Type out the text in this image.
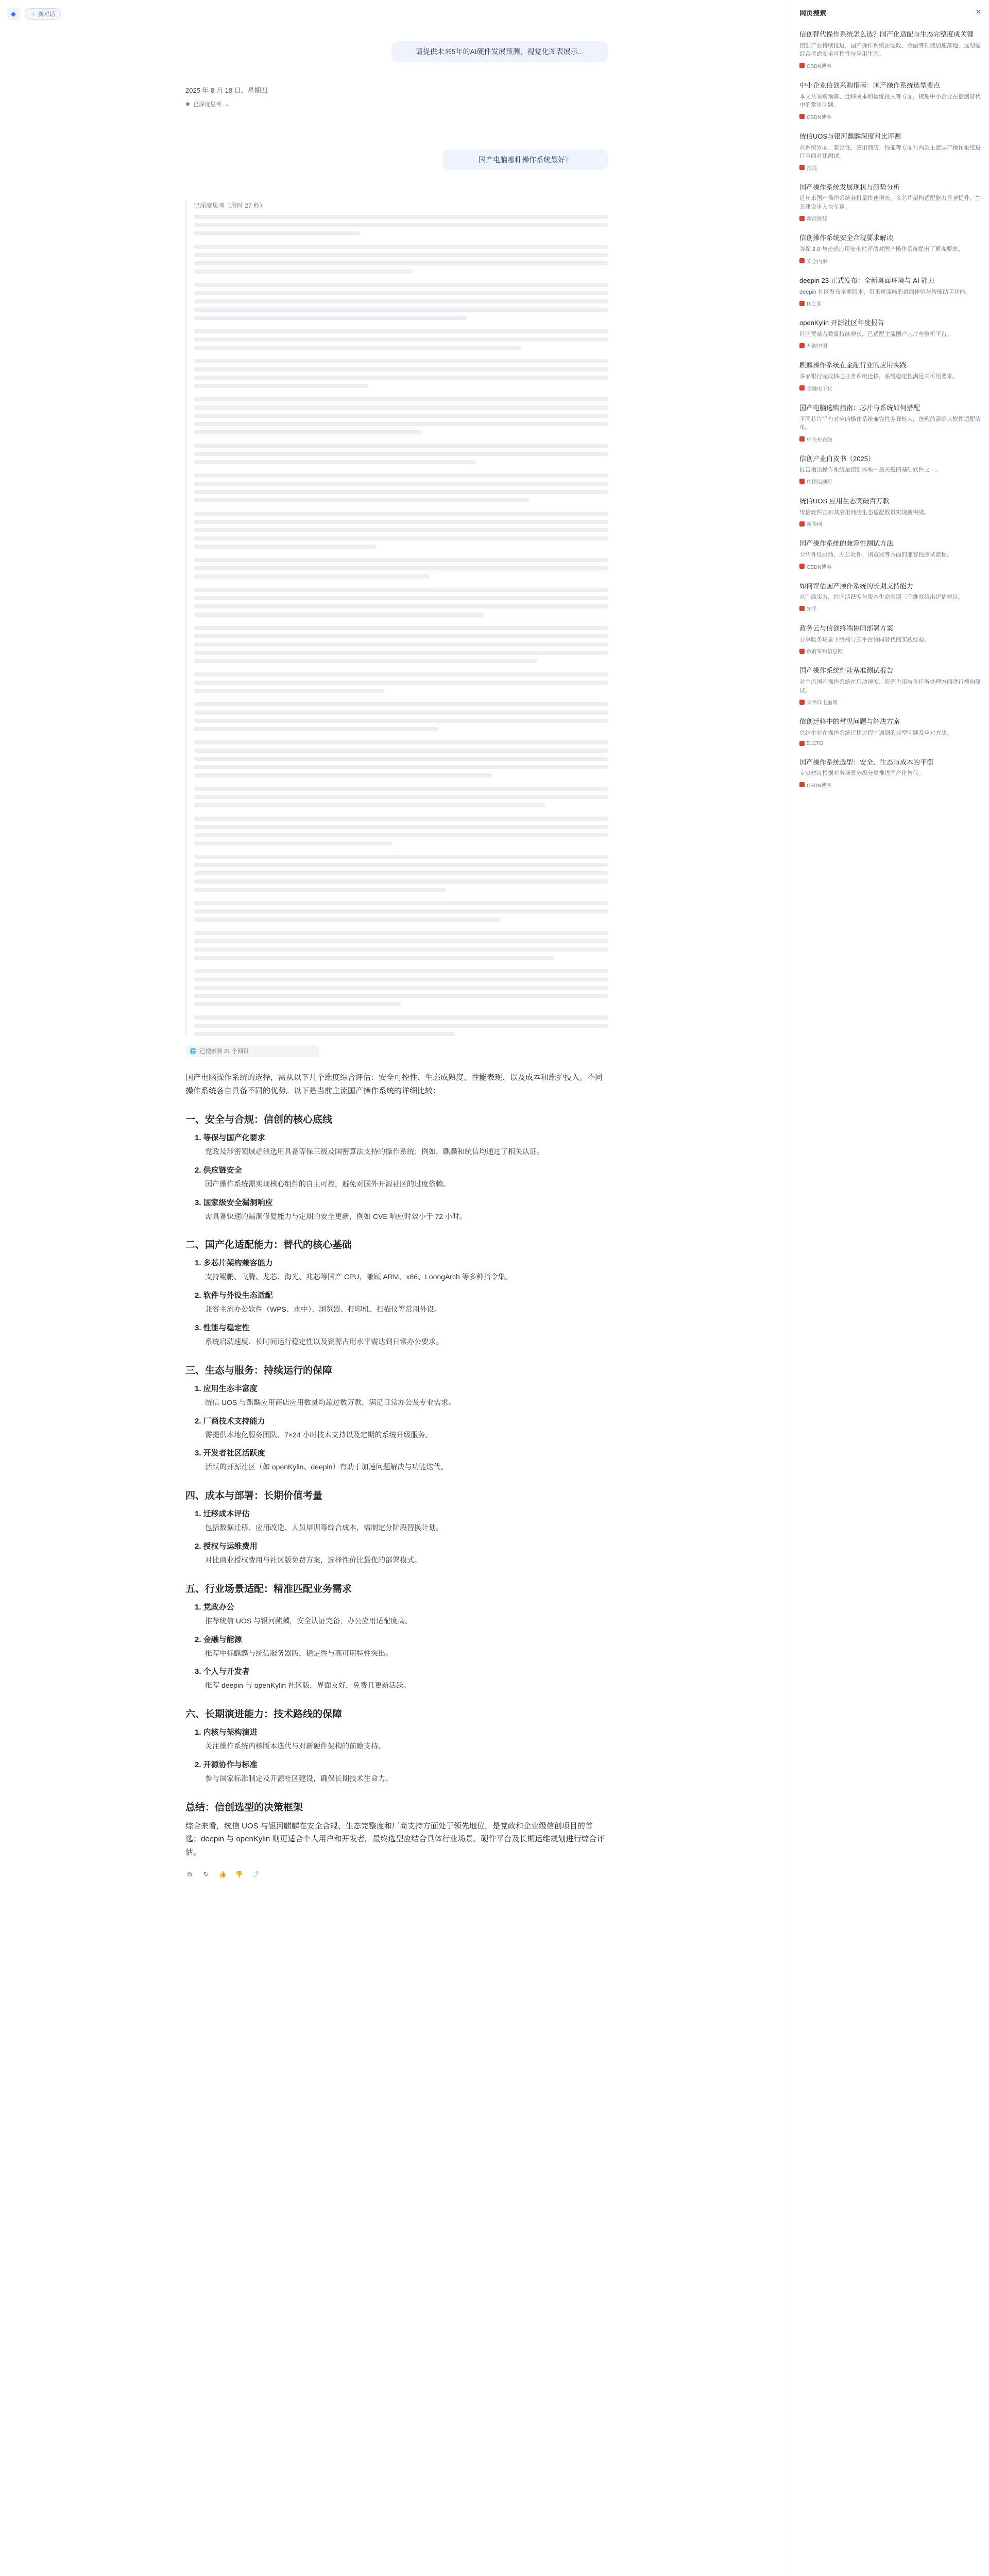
◆	＋ 新对话
请提供未来5年的AI硬件发展预测，视觉化图表展示...
2025 年 8 月 18 日，星期四
✺ 已深度思考 ⌄
国产电脑哪种操作系统最好？
已深度思考（用时 27 秒）
🌐 已搜索到 21 个网页
国产电脑操作系统的选择，需从以下几个维度综合评估：安全可控性、生态成熟度、性能表现、以及成本和维护投入。不同操作系统各自具备不同的优势。以下是当前主流国产操作系统的详细比较：
一、安全与合规：信创的核心底线
1. 等保与国产化要求
党政及涉密领域必须选用具备等保三级及国密算法支持的操作系统；例如，麒麟和统信均通过了相关认证。
2. 供应链安全
国产操作系统需实现核心组件的自主可控，避免对国外开源社区的过度依赖。
3. 国家级安全漏洞响应
需具备快速的漏洞修复能力与定期的安全更新，例如 CVE 响应时效小于 72 小时。
二、国产化适配能力：替代的核心基础
1. 多芯片架构兼容能力
支持鲲鹏、飞腾、龙芯、海光、兆芯等国产 CPU，兼顾 ARM、x86、LoongArch 等多种指令集。
2. 软件与外设生态适配
兼容主流办公软件（WPS、永中）、浏览器、打印机、扫描仪等常用外设。
3. 性能与稳定性
系统启动速度、长时间运行稳定性以及资源占用水平需达到日常办公要求。
三、生态与服务：持续运行的保障
1. 应用生态丰富度
统信 UOS 与麒麟应用商店应用数量均超过数万款，满足日常办公及专业需求。
2. 厂商技术支持能力
需提供本地化服务团队、7×24 小时技术支持以及定期的系统升级服务。
3. 开发者社区活跃度
活跃的开源社区（如 openKylin、deepin）有助于加速问题解决与功能迭代。
四、成本与部署：长期价值考量
1. 迁移成本评估
包括数据迁移、应用改造、人员培训等综合成本，需制定分阶段替换计划。
2. 授权与运维费用
对比商业授权费用与社区版免费方案，选择性价比最优的部署模式。
五、行业场景适配：精准匹配业务需求
1. 党政办公
推荐统信 UOS 与银河麒麟，安全认证完备，办公应用适配度高。
2. 金融与能源
推荐中标麒麟与统信服务器版，稳定性与高可用特性突出。
3. 个人与开发者
推荐 deepin 与 openKylin 社区版，界面友好，免费且更新活跃。
六、长期演进能力：技术路线的保障
1. 内核与架构演进
关注操作系统内核版本迭代与对新硬件架构的前瞻支持。
2. 开源协作与标准
参与国家标准制定及开源社区建设，确保长期技术生命力。
总结：信创选型的决策框架
综合来看，统信 UOS 与银河麒麟在安全合规、生态完整度和厂商支持方面处于领先地位，是党政和企业级信创项目的首选；deepin 与 openKylin 则更适合个人用户和开发者。最终选型应结合具体行业场景、硬件平台及长期运维规划进行综合评估。
⧉	↻ 👍 👎 ⤴
网页搜索	×
信创替代操作系统怎么选？国产化适配与生态完整度成关键
信创产业持续推进，国产操作系统在党政、金融等领域加速落地，选型需综合考虑安全可控性与应用生态。
CSDN博客
中小企业信创采购指南：国产操作系统选型要点
本文从采购预算、迁移成本和运维投入等方面，梳理中小企业在信创替代中的常见问题。
CSDN博客
统信UOS与银河麒麟深度对比评测
从系统界面、兼容性、应用商店、性能等方面对两款主流国产操作系统进行全面对比测试。
搜狐
国产操作系统发展现状与趋势分析
近年来国产操作系统装机量快速增长，多芯片架构适配能力显著提升，生态建设步入快车道。
新浪财经
信创操作系统安全合规要求解读
等保 2.0 与密码应用安全性评估对国产操作系统提出了更高要求。
安全内参
deepin 23 正式发布：全新桌面环境与 AI 能力
deepin 社区发布全新版本，带来更流畅的桌面体验与智能助手功能。
IT之家
openKylin 开源社区年度报告
社区贡献者数量持续增长，已适配主流国产芯片与整机平台。
开源中国
麒麟操作系统在金融行业的应用实践
多家银行完成核心业务系统迁移，系统稳定性满足高可用要求。
金融电子化
国产电脑选购指南：芯片与系统如何搭配
不同芯片平台对应的操作系统兼容性差异较大，选购前需确认软件适配清单。
中关村在线
信创产业白皮书（2025）
报告指出操作系统是信创体系中最关键的基础软件之一。
中国信通院
统信UOS 应用生态突破百万款
统信软件宣布其应用商店生态适配数量实现新突破。
新华网
国产操作系统的兼容性测试方法
介绍外设驱动、办公软件、浏览器等方面的兼容性测试流程。
CSDN博客
如何评估国产操作系统的长期支持能力
从厂商实力、社区活跃度与版本生命周期三个维度给出评估建议。
知乎
政务云与信创终端协同部署方案
分享政务场景下终端与云平台协同替代的实践经验。
政府采购信息网
国产操作系统性能基准测试报告
对主流国产操作系统在启动速度、资源占用与多任务处理方面进行横向测试。
太平洋电脑网
信创迁移中的常见问题与解决方案
总结企业在操作系统迁移过程中遇到的典型问题及应对方法。
51CTO
国产操作系统选型：安全、生态与成本的平衡
专家建议根据业务场景分级分类推进国产化替代。
CSDN博客
